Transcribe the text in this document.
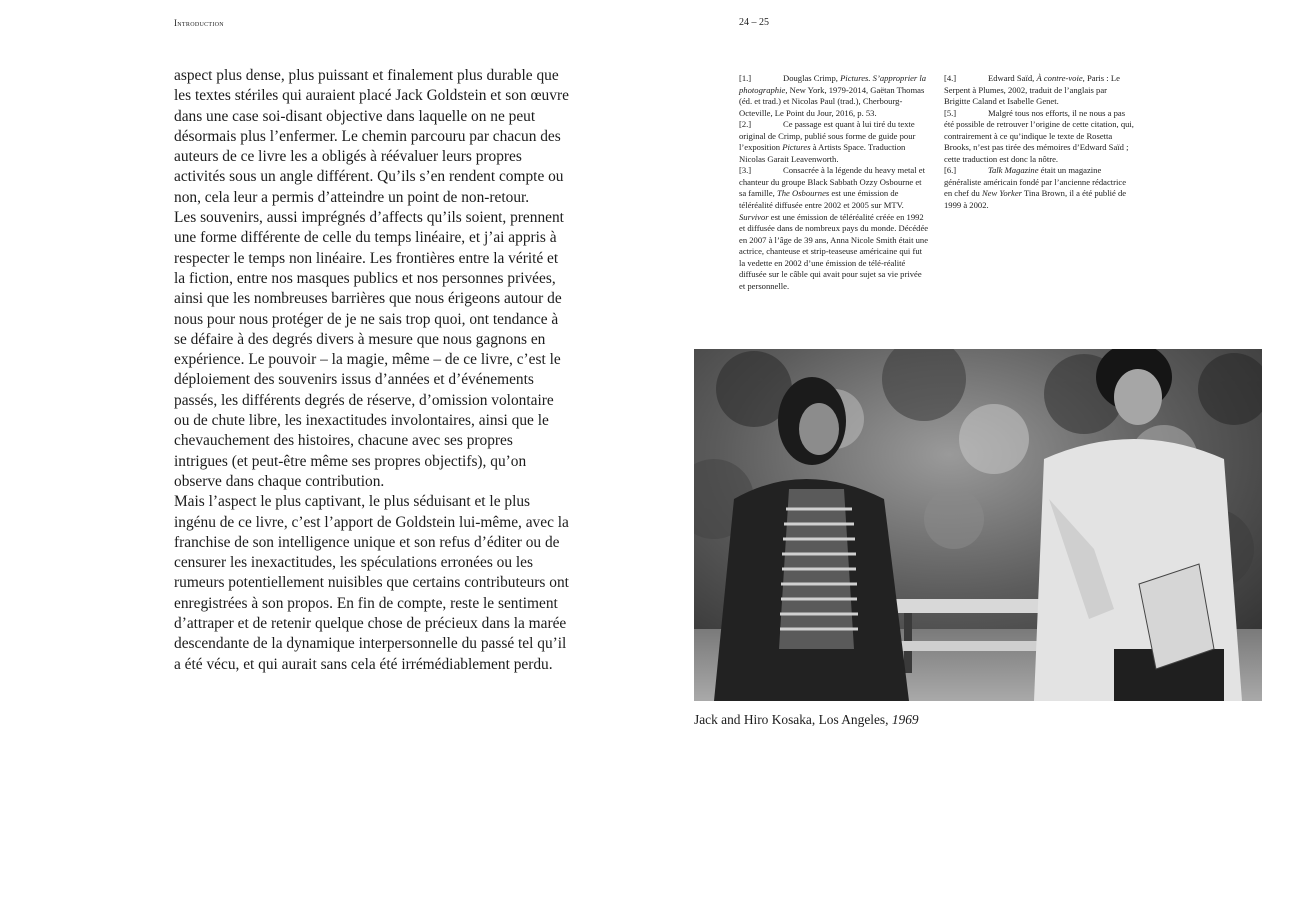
Introduction	24 – 25

aspect plus dense, plus puissant et finalement plus durable que les textes stériles qui auraient placé Jack Goldstein et son œuvre dans une case soi-disant objective dans laquelle on ne peut désormais plus l’enfermer. Le chemin parcouru par chacun des auteurs de ce livre les a obligés à réévaluer leurs propres activités sous un angle différent. Qu’ils s’en rendent compte ou non, cela leur a permis d’atteindre un point de non-retour.

Les souvenirs, aussi imprégnés d’affects qu’ils soient, prennent une forme différente de celle du temps linéaire, et j’ai appris à respecter le temps non linéaire. Les frontières entre la vérité et la fiction, entre nos masques publics et nos personnes privées, ainsi que les nombreuses barrières que nous érigeons autour de nous pour nous protéger de je ne sais trop quoi, ont tendance à se défaire à des degrés divers à mesure que nous gagnons en expérience. Le pouvoir – la magie, même – de ce livre, c’est le déploiement des souvenirs issus d’années et d’événements passés, les différents degrés de réserve, d’omission volontaire ou de chute libre, les inexactitudes involontaires, ainsi que le chevauchement des histoires, chacune avec ses propres intrigues (et peut-être même ses propres objectifs), qu’on observe dans chaque contribution.

Mais l’aspect le plus captivant, le plus séduisant et le plus ingénu de ce livre, c’est l’apport de Goldstein lui-même, avec la franchise de son intelligence unique et son refus d’éditer ou de censurer les inexactitudes, les spéculations erronées ou les rumeurs potentiellement nuisibles que certains contributeurs ont enregistrées à son propos. En fin de compte, reste le sentiment d’attraper et de retenir quelque chose de précieux dans la marée descendante de la dynamique interpersonnelle du passé tel qu’il a été vécu, et qui aurait sans cela été irrémédiablement perdu.

[1.]	Douglas Crimp, Pictures. S’approprier la photographie, New York, 1979-2014, Gaëtan Thomas (éd. et trad.) et Nicolas Paul (trad.), Cherbourg-Octeville, Le Point du Jour, 2016, p. 53.

[2.]	Ce passage est quant à lui tiré du texte original de Crimp, publié sous forme de guide pour l’exposition Pictures à Artists Space. Traduction Nicolas Garait Leavenworth.

[3.]	Consacrée à la légende du heavy metal et chanteur du groupe Black Sabbath Ozzy Osbourne et sa famille, The Osbournes est une émission de téléréalité diffusée entre 2002 et 2005 sur MTV. Survivor est une émission de téléréalité créée en 1992 et diffusée dans de nombreux pays du monde. Décédée en 2007 à l’âge de 39 ans, Anna Nicole Smith était une actrice, chanteuse et strip-teaseuse américaine qui fut la vedette en 2002 d’une émission de télé-réalité diffusée sur le câble qui avait pour sujet sa vie privée et personnelle.

[4.]	Edward Saïd, À contre-voie, Paris : Le Serpent à Plumes, 2002, traduit de l’anglais par Brigitte Caland et Isabelle Genet.

[5.]	Malgré tous nos efforts, il ne nous a pas été possible de retrouver l’origine de cette citation, qui, contrairement à ce qu’indique le texte de Rosetta Brooks, n’est pas tirée des mémoires d’Edward Saïd ; cette traduction est donc la nôtre.

[6.]	Talk Magazine était un magazine généraliste américain fondé par l’ancienne rédactrice en chef du New Yorker Tina Brown, il a été publié de 1999 à 2002.

Jack and Hiro Kosaka, Los Angeles, 1969
